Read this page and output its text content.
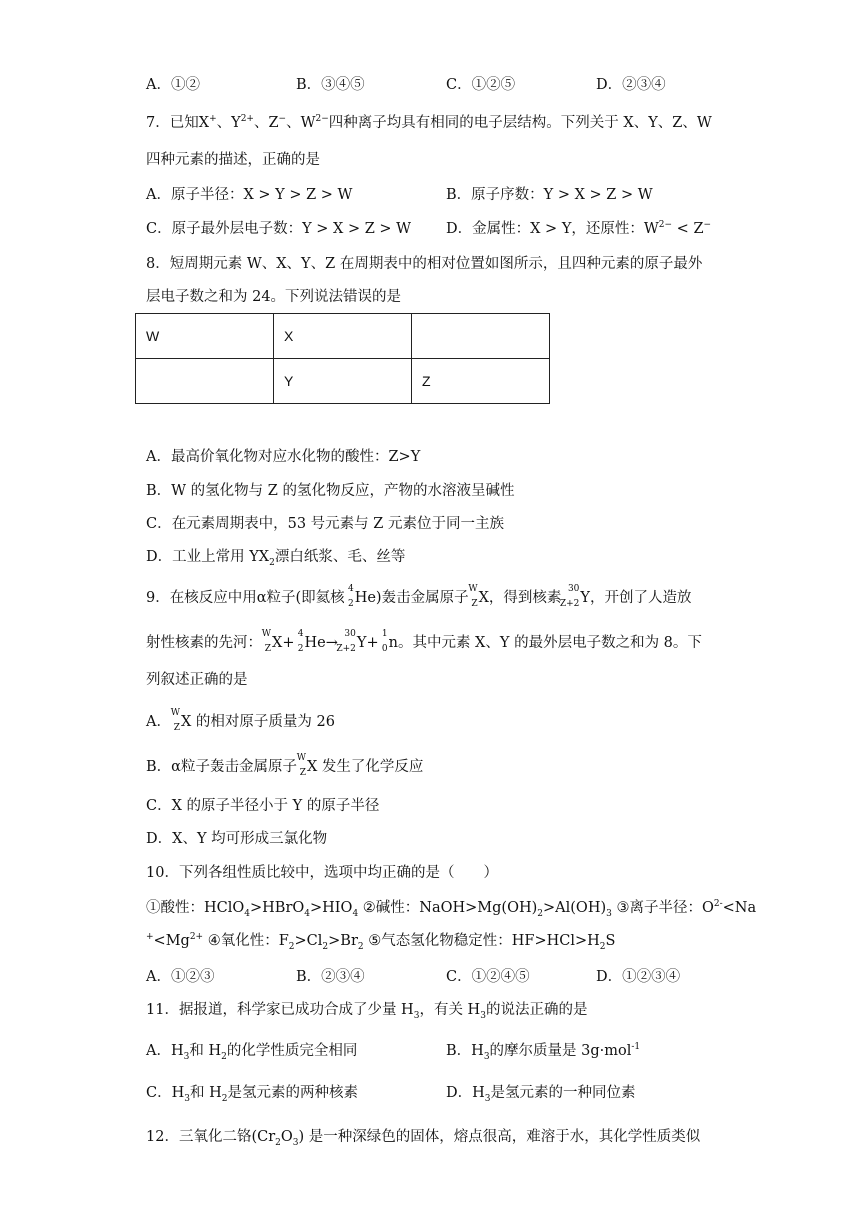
A．①②	B．③④⑤	C．①②⑤	D．②③④
7．已知X+、$Y^{2+}$、Z−、$W^{2-}$四种离子均具有相同的电子层结构。下列关于 X、Y、Z、W
四种元素的描述，正确的是
A．原子半径：X > Y > Z > W	B．原子序数：Y > X > Z > W
C．原子最外层电子数：Y > X > Z > W D．金属性：X > Y，还原性：$W^{2-} < Z^-$
8．短周期元素 W、X、Y、Z 在周期表中的相对位置如图所示，且四种元素的原子最外
层电子数之和为 24。下列说法错误的是
W	X	
	Y	Z
A．最高价氧化物对应水化物的酸性：Z>Y
B．W 的氢化物与 Z 的氢化物反应，产物的水溶液呈碱性
C．在元素周期表中，53 号元素与 Z 元素位于同一主族
D．工业上常用 $YX_2$漂白纸浆、毛、丝等
9．在核反应中用α粒子(即氦核
4
2 He)轰击金属原子
W
Z X，得到核素
30
Z+2 Y，开创了人造放
射性核素的先河：
W
Z X+
4
2 He→
30
Z+2 Y+
1
0 n。其中元素 X、Y 的最外层电子数之和为 8。下
列叙述正确的是
A．
W
Z X 的相对原子质量为 26
B．α粒子轰击金属原子
W
Z X 发生了化学反应
C．X 的原子半径小于 Y 的原子半径
D．X、Y 均可形成三氯化物
10．下列各组性质比较中，选项中均正确的是（　　）
①酸性：$HClO_4>HBrO_4>HIO_4$ ②碱性：$NaOH>Mg(OH)_2>Al(OH)_3$ ③离子半径：$O^{2-}<Na$
$^+<Mg^{2+}$ ④氧化性：$F_2>Cl_2>Br_2$ ⑤气态氢化物稳定性：$HF>HCl>H_2S$
A．①②③	B．②③④	C．①②④⑤	D．①②③④
11．据报道，科学家已成功合成了少量 $H_3$，有关 $H_3$的说法正确的是
A．$H_3$和 $H_2$的化学性质完全相同	B．$H_3$的摩尔质量是 3g·mol$^{-1}$
C．$H_3$和 $H_2$是氢元素的两种核素	D．$H_3$是氢元素的一种同位素
12．三氧化二铬$(Cr_2O_3)$ 是一种深绿色的固体，熔点很高，难溶于水，其化学性质类似
